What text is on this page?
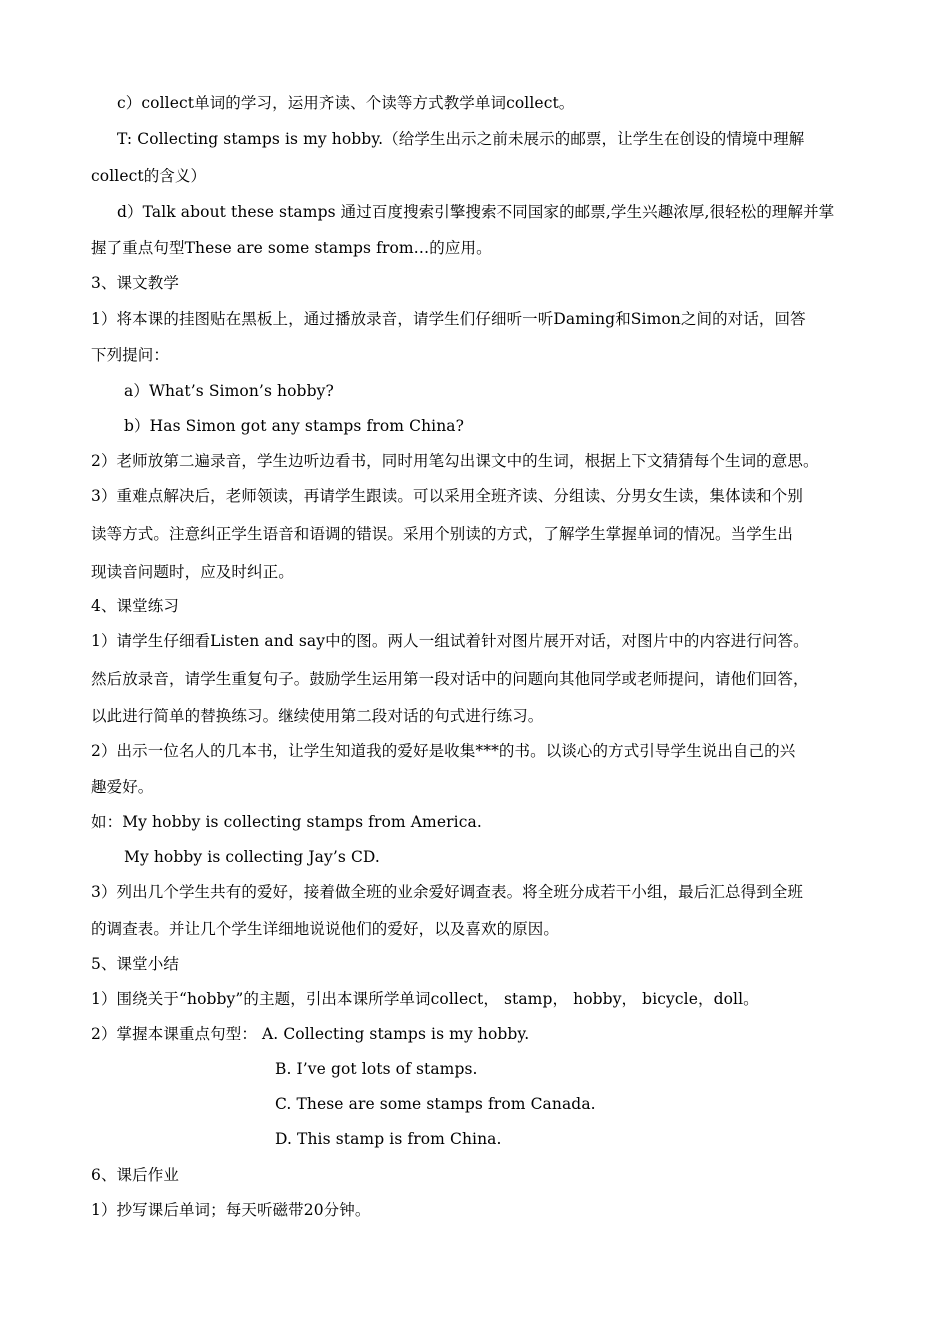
c）collect单词的学习，运用齐读、个读等方式教学单词collect。
T: Collecting stamps is my hobby.（给学生出示之前未展示的邮票，让学生在创设的情境中理解
collect的含义）
d）Talk about these stamps 通过百度搜索引擎搜索不同国家的邮票,学生兴趣浓厚,很轻松的理解并掌
握了重点句型These are some stamps from…的应用。
3、课文教学
1）将本课的挂图贴在黑板上，通过播放录音，请学生们仔细听一听Daming和Simon之间的对话，回答
下列提问：
a）What’s Simon’s hobby?
b）Has Simon got any stamps from China?
2）老师放第二遍录音，学生边听边看书，同时用笔勾出课文中的生词，根据上下文猜猜每个生词的意思。
3）重难点解决后，老师领读，再请学生跟读。可以采用全班齐读、分组读、分男女生读，集体读和个别
读等方式。注意纠正学生语音和语调的错误。采用个别读的方式，了解学生掌握单词的情况。当学生出
现读音问题时，应及时纠正。
4、课堂练习
1）请学生仔细看Listen and say中的图。两人一组试着针对图片展开对话，对图片中的内容进行问答。
然后放录音，请学生重复句子。鼓励学生运用第一段对话中的问题向其他同学或老师提问，请他们回答，
以此进行简单的替换练习。继续使用第二段对话的句式进行练习。
2）出示一位名人的几本书，让学生知道我的爱好是收集***的书。以谈心的方式引导学生说出自己的兴
趣爱好。
如：My hobby is collecting stamps from America.
My hobby is collecting Jay’s CD.
3）列出几个学生共有的爱好，接着做全班的业余爱好调查表。将全班分成若干小组，最后汇总得到全班
的调查表。并让几个学生详细地说说他们的爱好，以及喜欢的原因。
5、课堂小结
1）围绕关于“hobby”的主题，引出本课所学单词collect， stamp， hobby， bicycle，doll。
2）掌握本课重点句型： A. Collecting stamps is my hobby.
B. I’ve got lots of stamps.
C. These are some stamps from Canada.
D. This stamp is from China.
6、课后作业
1）抄写课后单词；每天听磁带20分钟。
